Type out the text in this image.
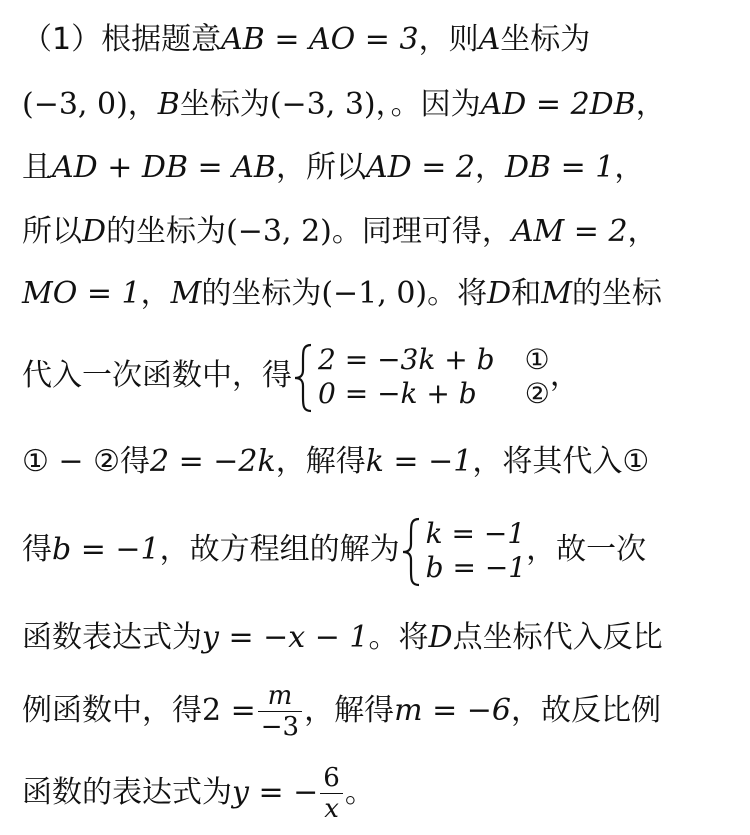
（1）根据题意AB = AO = 3，则A坐标为
(−3, 0)，B坐标为(−3, 3)，。因为AD = 2DB，
且AD + DB = AB，所以AD = 2，DB = 1，
所以D的坐标为(−3, 2)。同理可得，AM = 2，
MO = 1，M的坐标为(−1, 0)。将D和M的坐标
代入一次函数中，得 2 = −3k + b ①
0 = −k + b ② ，
① − ②得2 = −2k，解得k = −1，将其代入①
得b = −1，故方程组的解为 k = −1
b = −1 ，故一次
函数表达式为y = −x − 1。将D点坐标代入反比
例函数中，得$2 = \frac{m}{-3}$ ，解得m = −6，故反比例
函数的表达式为y = − $\frac{6}{x}$ 。
